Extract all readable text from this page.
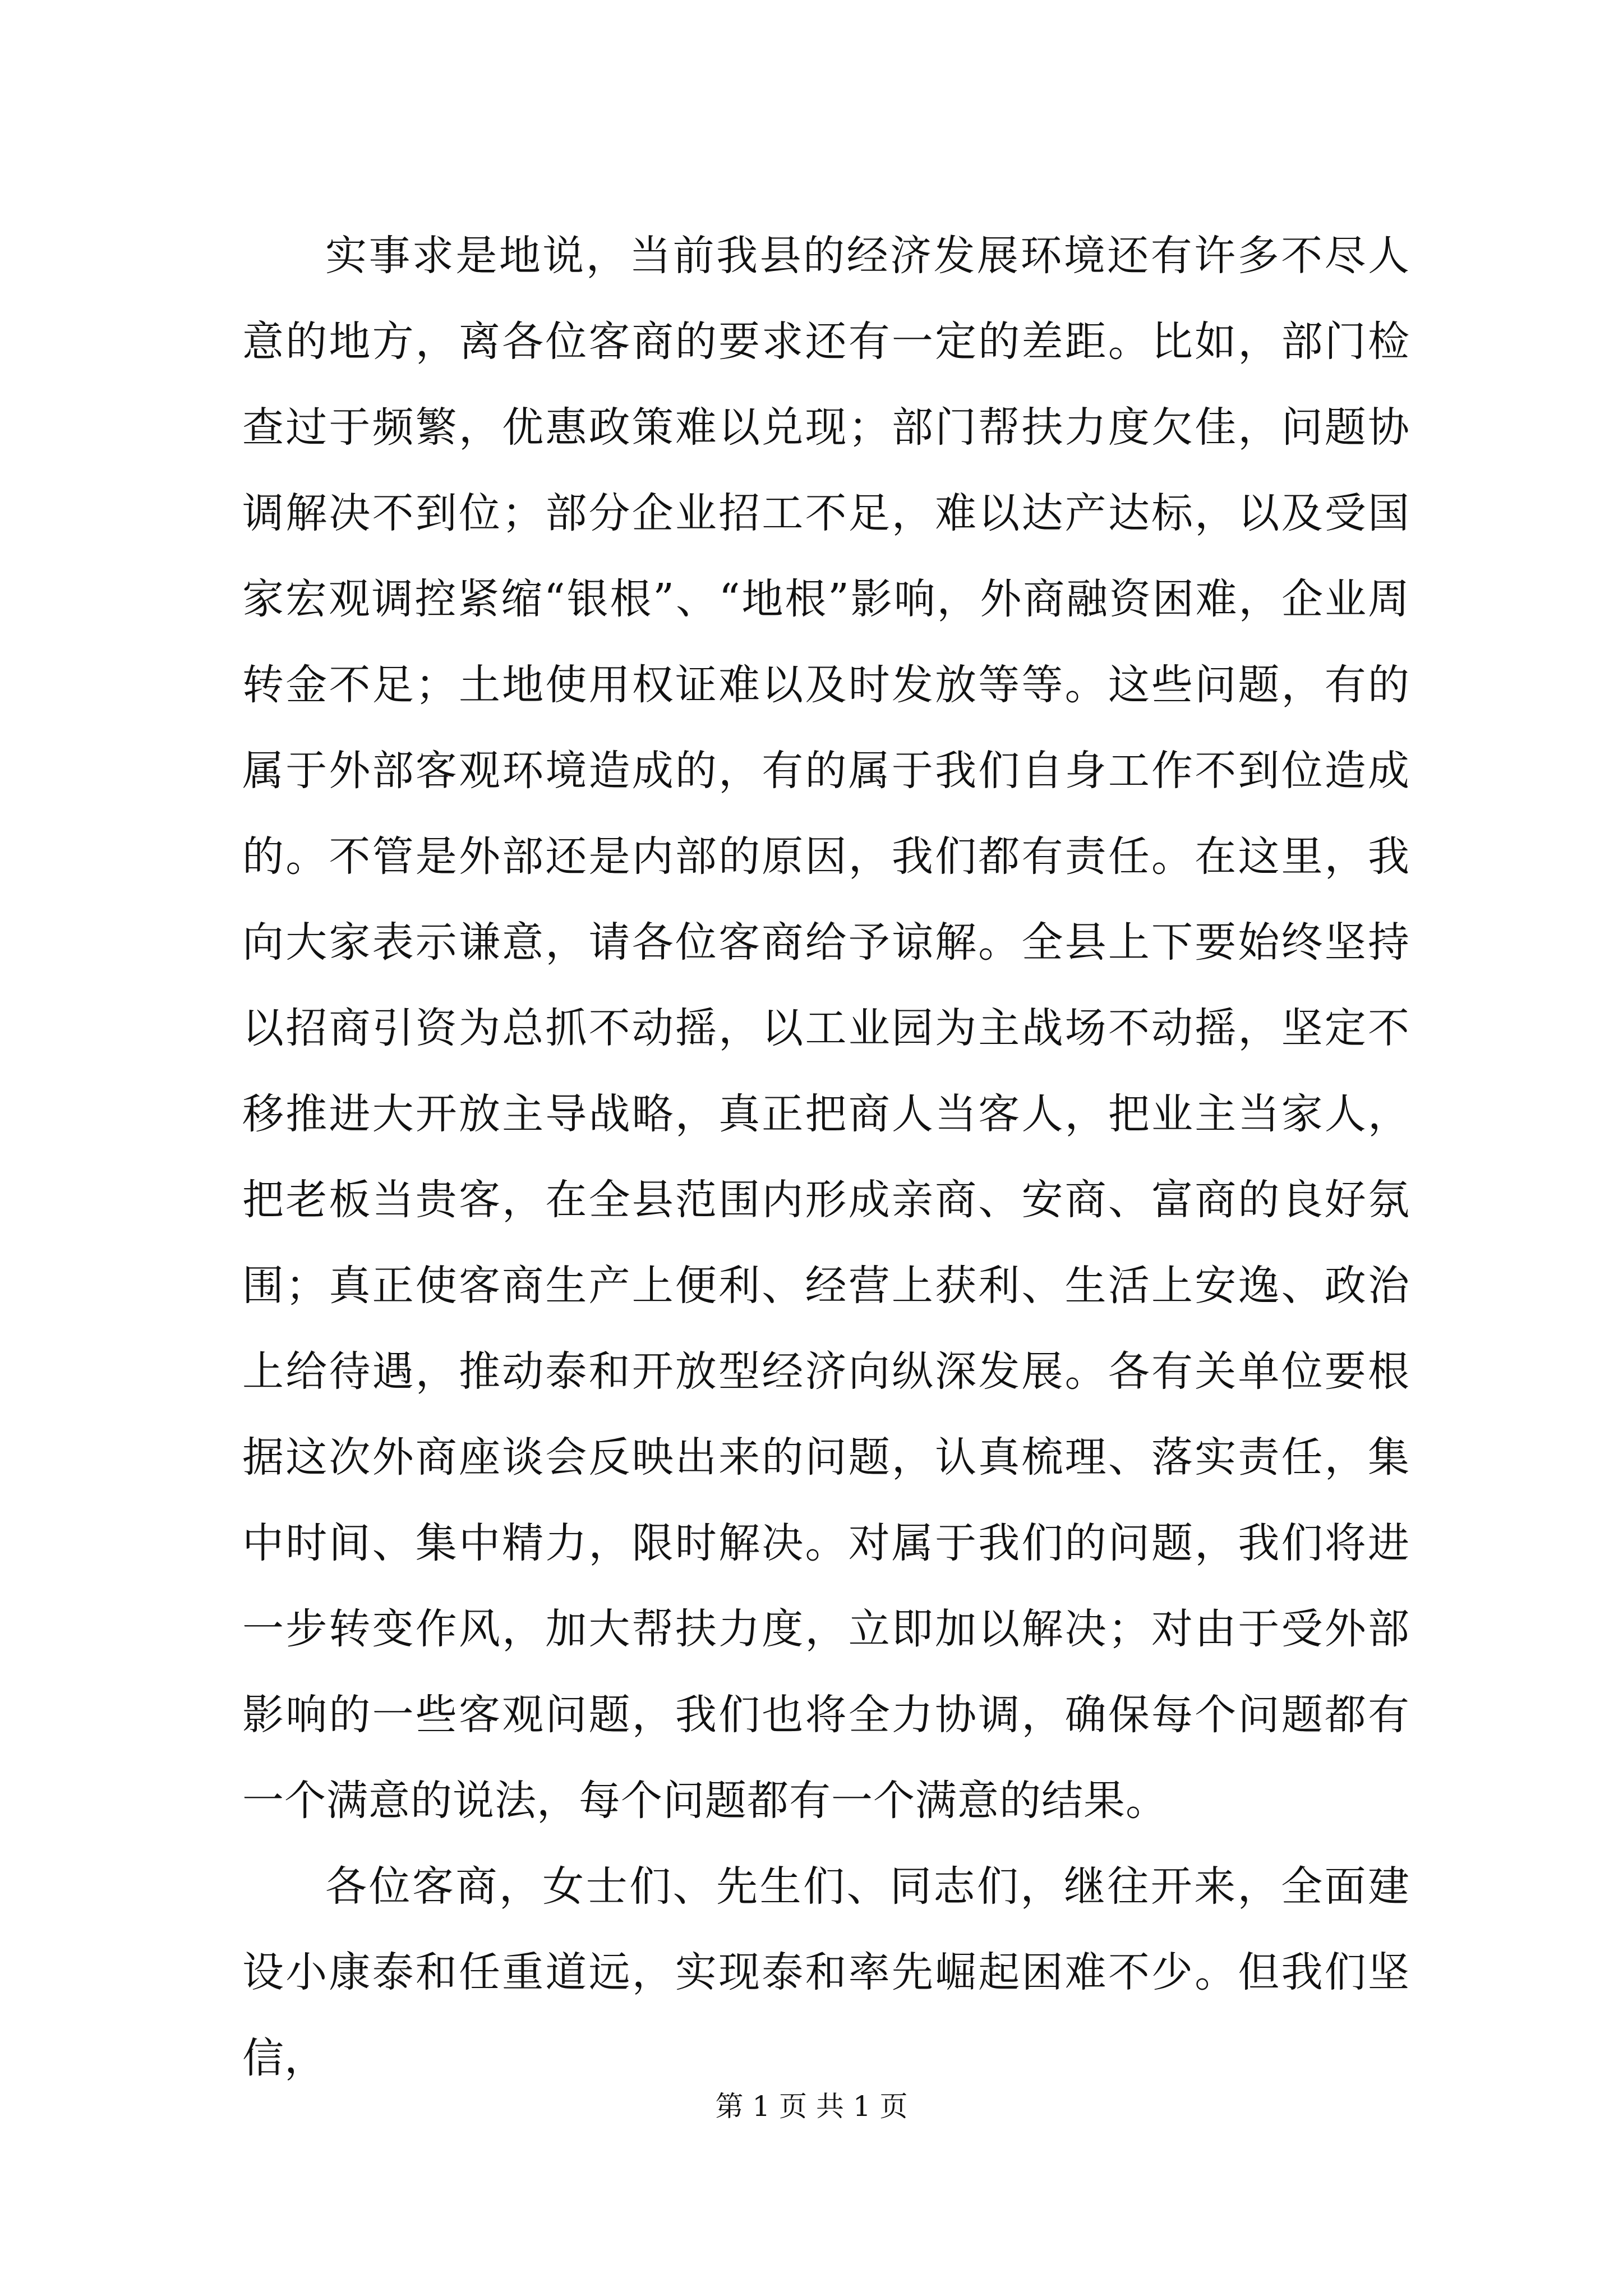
实事求是地说，当前我县的经济发展环境还有许多不尽人意的地方，离各位客商的要求还有一定的差距。比如，部门检查过于频繁，优惠政策难以兑现；部门帮扶力度欠佳，问题协调解决不到位；部分企业招工不足，难以达产达标，以及受国家宏观调控紧缩“银根”、“地根”影响，外商融资困难，企业周转金不足；土地使用权证难以及时发放等等。这些问题，有的属于外部客观环境造成的，有的属于我们自身工作不到位造成的。不管是外部还是内部的原因，我们都有责任。在这里，我向大家表示谦意，请各位客商给予谅解。全县上下要始终坚持以招商引资为总抓不动摇，以工业园为主战场不动摇，坚定不移推进大开放主导战略，真正把商人当客人，把业主当家人，把老板当贵客，在全县范围内形成亲商、安商、富商的良好氛围；真正使客商生产上便利、经营上获利、生活上安逸、政治上给待遇，推动泰和开放型经济向纵深发展。各有关单位要根据这次外商座谈会反映出来的问题，认真梳理、落实责任，集中时间、集中精力，限时解决。对属于我们的问题，我们将进一步转变作风，加大帮扶力度，立即加以解决；对由于受外部影响的一些客观问题，我们也将全力协调，确保每个问题都有一个满意的说法，每个问题都有一个满意的结果。

各位客商，女士们、先生们、同志们，继往开来，全面建设小康泰和任重道远，实现泰和率先崛起困难不少。但我们坚信，

第 1 页 共 1 页
